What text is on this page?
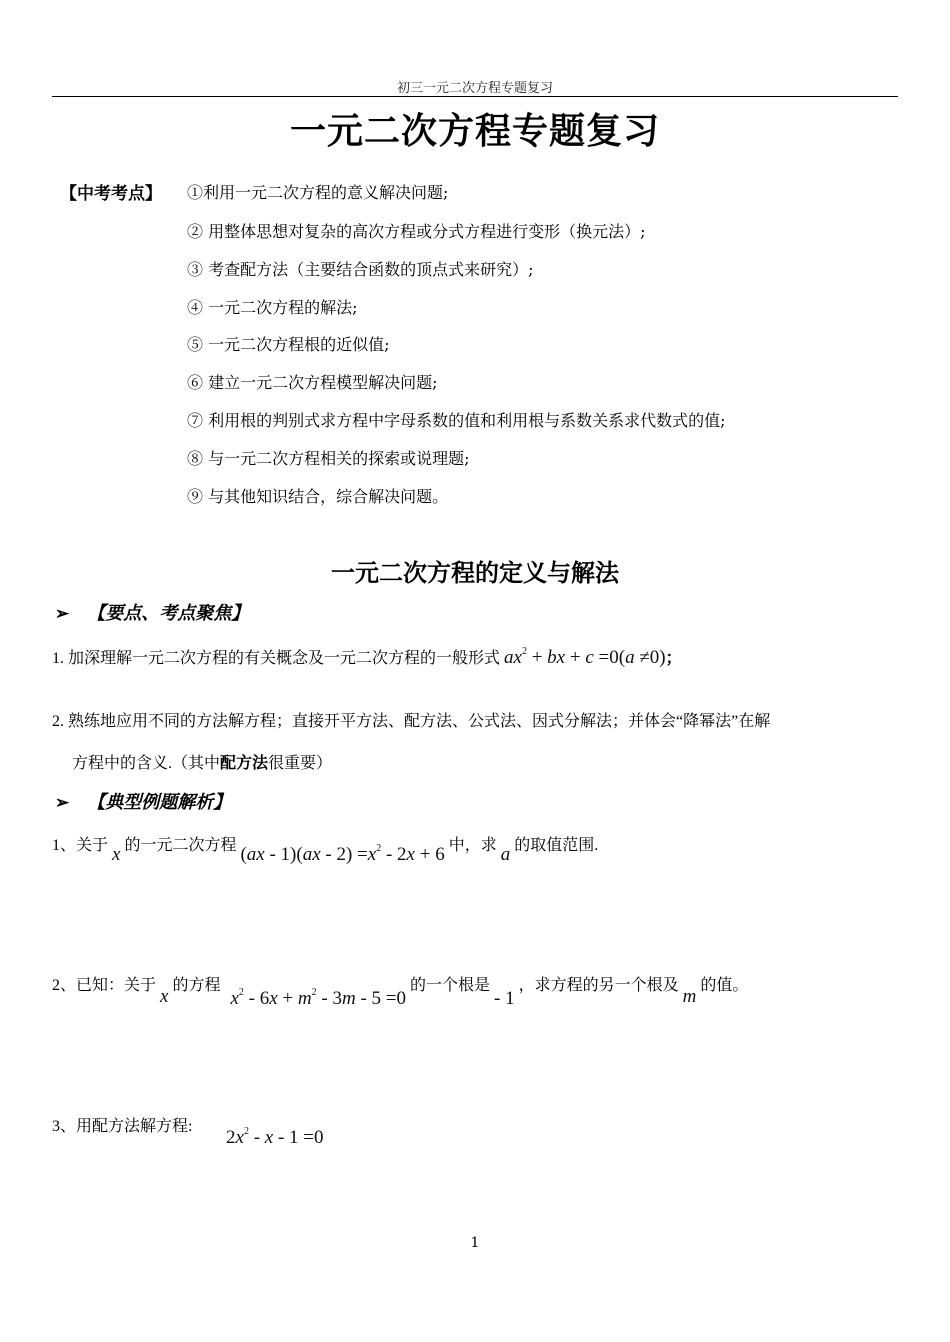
初三一元二次方程专题复习
一元二次方程专题复习
【中考考点】 ①利用一元二次方程的意义解决问题;
② 用整体思想对复杂的高次方程或分式方程进行变形（换元法）;
③ 考查配方法（主要结合函数的顶点式来研究）;
④ 一元二次方程的解法;
⑤ 一元二次方程根的近似值;
⑥ 建立一元二次方程模型解决问题;
⑦ 利用根的判别式求方程中字母系数的值和利用根与系数关系求代数式的值;
⑧ 与一元二次方程相关的探索或说理题;
⑨ 与其他知识结合，综合解决问题。
一元二次方程的定义与解法
➢ 【要点、考点聚焦】
1. 加深理解一元二次方程的有关概念及一元二次方程的一般形式 $ax^2$ + bx + c =0(a ≠0)；
2. 熟练地应用不同的方法解方程；直接开平方法、配方法、公式法、因式分解法；并体会“降幂法”在解
方程中的含义.（其中配方法很重要）
➢ 【典型例题解析】
1、关于 x 的一元二次方程 $(ax - 1)(ax - 2) =x^2 - 2x + 6$ 中，求 a 的取值范围.
2、已知：关于 x 的方程 $x^2 - 6x + m^2 - 3m - 5 =0$ 的一个根是 - 1 ，求方程的另一个根及 m 的值。
3、用配方法解方程:
$2x^2 - x - 1 =0$
1
